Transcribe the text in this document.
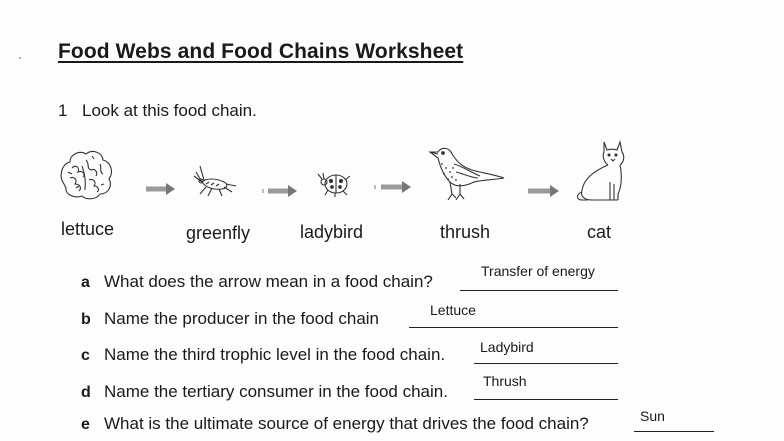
Food Webs and Food Chains Worksheet
1 Look at this food chain.
lettuce	greenfly	ladybird	thrush	cat
a What does the arrow mean in a food chain?
Transfer of energy
b Name the producer in the food chain	Lettuce
c Name the third trophic level in the food chain. Ladybird
d Name the tertiary consumer in the food chain.
Thrush
e What is the ultimate source of energy that drives the food chain?	Sun
